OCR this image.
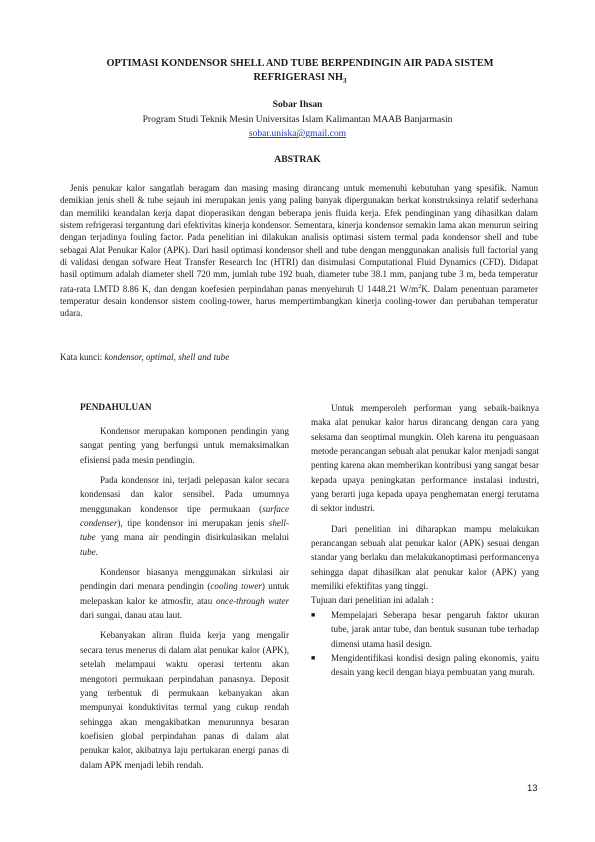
OPTIMASI KONDENSOR SHELL AND TUBE BERPENDINGIN AIR PADA SISTEM REFRIGERASI $NH_3$
Sobar Ihsan
Program Studi Teknik Mesin Universitas Islam Kalimantan MAAB Banjarmasin
sobar.uniska@gmail.com
ABSTRAK

Jenis penukar kalor sangatlah beragam dan masing masing dirancang untuk memenuhi kebutuhan yang spesifik. Namun demikian jenis shell & tube sejauh ini merupakan jenis yang paling banyak dipergunakan berkat konstruksinya relatif sederhana dan memiliki keandalan kerja dapat dioperasikan dengan beberapa jenis fluida kerja. Efek pendinginan yang dihasilkan dalam sistem refrigerasi tergantung dari efektivitas kinerja kondensor. Sementara, kinerja kondensor semakin lama akan menurun seiring dengan terjadinya fouling factor. Pada penelitian ini dilakukan analisis optimasi sistem termal pada kondensor shell and tube sebagai Alat Penukar Kalor (APK). Dari hasil optimasi kondensor shell and tube dengan menggunakan analisis full factorial yang di validasi dengan sofware Heat Transfer Research Inc (HTRI) dan disimulasi Computational Fluid Dynamics (CFD). Didapat hasil optimum adalah diameter shell 720 mm, jumlah tube 192 buah, diameter tube 38.1 mm, panjang tube 3 m, beda temperatur rata-rata LMTD 8.86 K, dan dengan koefesien perpindahan panas menyeluruh U 1448.21 $W/m^2K$. Dalam penentuan parameter temperatur desain kondensor sistem cooling-tower, harus mempertimbangkan kinerja cooling-tower dan perubahan temperatur udara.

Kata kunci: kondensor, optimal, shell and tube

PENDAHULUAN

Kondensor merupakan komponen pendingin yang sangat penting yang berfungsi untuk memaksimalkan efisiensi pada mesin pendingin.

Pada kondensor ini, terjadi pelepasan kalor secara kondensasi dan kalor sensibel. Pada umumnya menggunakan kondensor tipe permukaan (surface condenser), tipe kondensor ini merupakan jenis shell-tube yang mana air pendingin disirkulasikan melalui tube.

Kondensor biasanya menggunakan sirkulasi air pendingin dari menara pendingin (cooling tower) untuk melepaskan kalor ke atmosfir, atau once-through water dari sungai, danau atau laut.

Kebanyakan aliran fluida kerja yang mengalir secara terus menerus di dalam alat penukar kalor (APK), setelah melampaui waktu operasi tertentu akan mengotori permukaan perpindahan panasnya. Deposit yang terbentuk di permukaan kebanyakan akan mempunyai konduktivitas termal yang cukup rendah sehingga akan mengakibatkan menurunnya besaran koefisien global perpindahan panas di dalam alat penukar kalor, akibatnya laju pertukaran energi panas di dalam APK menjadi lebih rendah.

Untuk memperoleh performan yang sebaik-baiknya maka alat penukar kalor harus dirancang dengan cara yang seksama dan seoptimal mungkin. Oleh karena itu penguasaan metode perancangan sebuah alat penukar kalor menjadi sangat penting karena akan memberikan kontribusi yang sangat besar kepada upaya peningkatan performance instalasi industri, yang berarti juga kepada upaya penghematan energi terutama di sektor industri.

Dari penelitian ini diharapkan mampu melakukan perancangan sebuah alat penukar kalor (APK) sesuai dengan standar yang berlaku dan melakukanoptimasi performancenya sehingga dapat dihasilkan alat penukar kalor (APK) yang memiliki efektifitas yang tinggi.

Tujuan dari penelitian ini adalah :

■ Mempelajari Seberapa besar pengaruh faktor ukuran tube, jarak antar tube, dan bentuk susunan tube terhadap dimensi utama hasil design.
■ Mengidentifikasi kondisi design paling ekonomis, yaitu desain yang kecil dengan biaya pembuatan yang murah.
13
